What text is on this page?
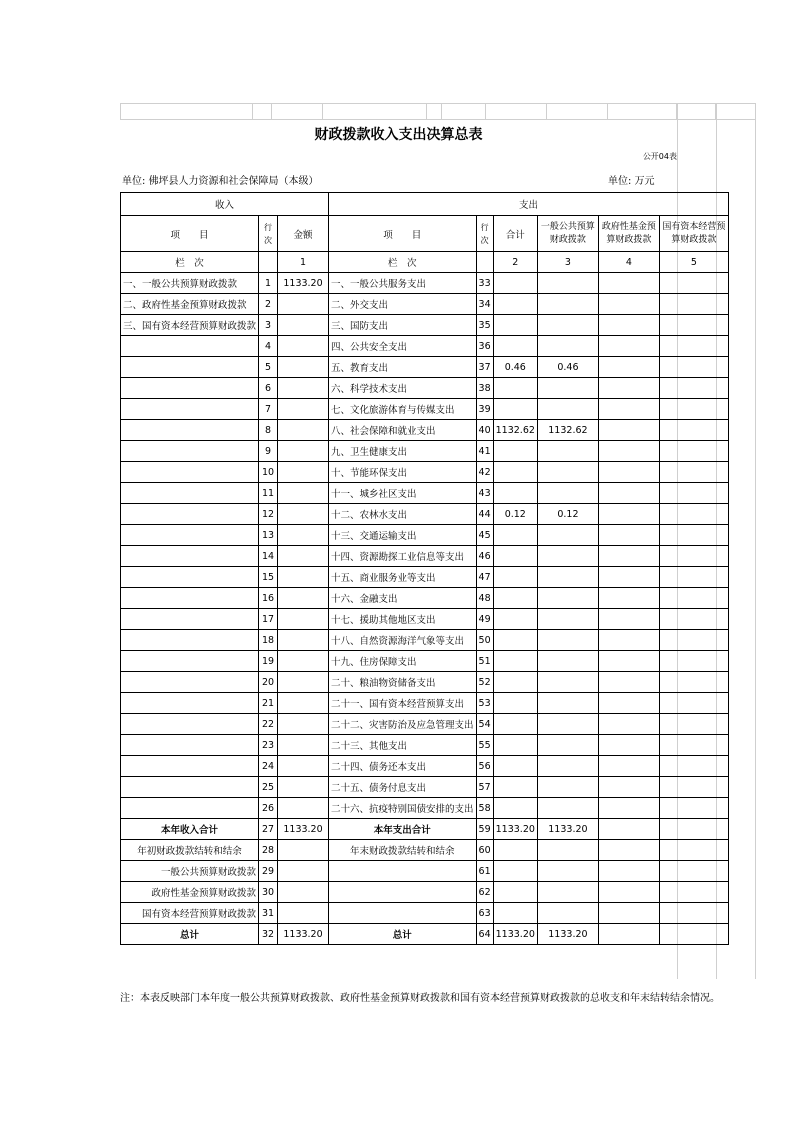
财政拨款收入支出决算总表
公开04表
单位: 佛坪县人力资源和社会保障局（本级）	单位: 万元
收入			支出					
项　　目	行次	金额	项　　目	行次	合计	一般公共预算财政拨款	政府性基金预算财政拨款	国有资本经营预算财政拨款
栏　次		1	栏　次		2	3	4	5
一、一般公共预算财政拨款	1	1133.20	一、一般公共服务支出	33				
二、政府性基金预算财政拨款	2		二、外交支出	34				
三、国有资本经营预算财政拨款	3		三、国防支出	35				
	4		四、公共安全支出	36				
	5		五、教育支出	37	0.46	0.46		
	6		六、科学技术支出	38				
	7		七、文化旅游体育与传媒支出	39				
	8		八、社会保障和就业支出	40	1132.62	1132.62		
	9		九、卫生健康支出	41				
	10		十、节能环保支出	42				
	11		十一、城乡社区支出	43				
	12		十二、农林水支出	44	0.12	0.12		
	13		十三、交通运输支出	45				
	14		十四、资源勘探工业信息等支出	46				
	15		十五、商业服务业等支出	47				
	16		十六、金融支出	48				
	17		十七、援助其他地区支出	49				
	18		十八、自然资源海洋气象等支出	50				
	19		十九、住房保障支出	51				
	20		二十、粮油物资储备支出	52				
	21		二十一、国有资本经营预算支出	53				
	22		二十二、灾害防治及应急管理支出	54				
	23		二十三、其他支出	55				
	24		二十四、债务还本支出	56				
	25		二十五、债务付息支出	57				
	26		二十六、抗疫特别国债安排的支出	58				
本年收入合计	27	1133.20	本年支出合计	59	1133.20	1133.20		
年初财政拨款结转和结余	28		年末财政拨款结转和结余	60				
一般公共预算财政拨款	29			61				
政府性基金预算财政拨款	30			62				
国有资本经营预算财政拨款	31			63				
总计	32	1133.20	总计	64	1133.20	1133.20		
注：本表反映部门本年度一般公共预算财政拨款、政府性基金预算财政拨款和国有资本经营预算财政拨款的总收支和年末结转结余情况。
